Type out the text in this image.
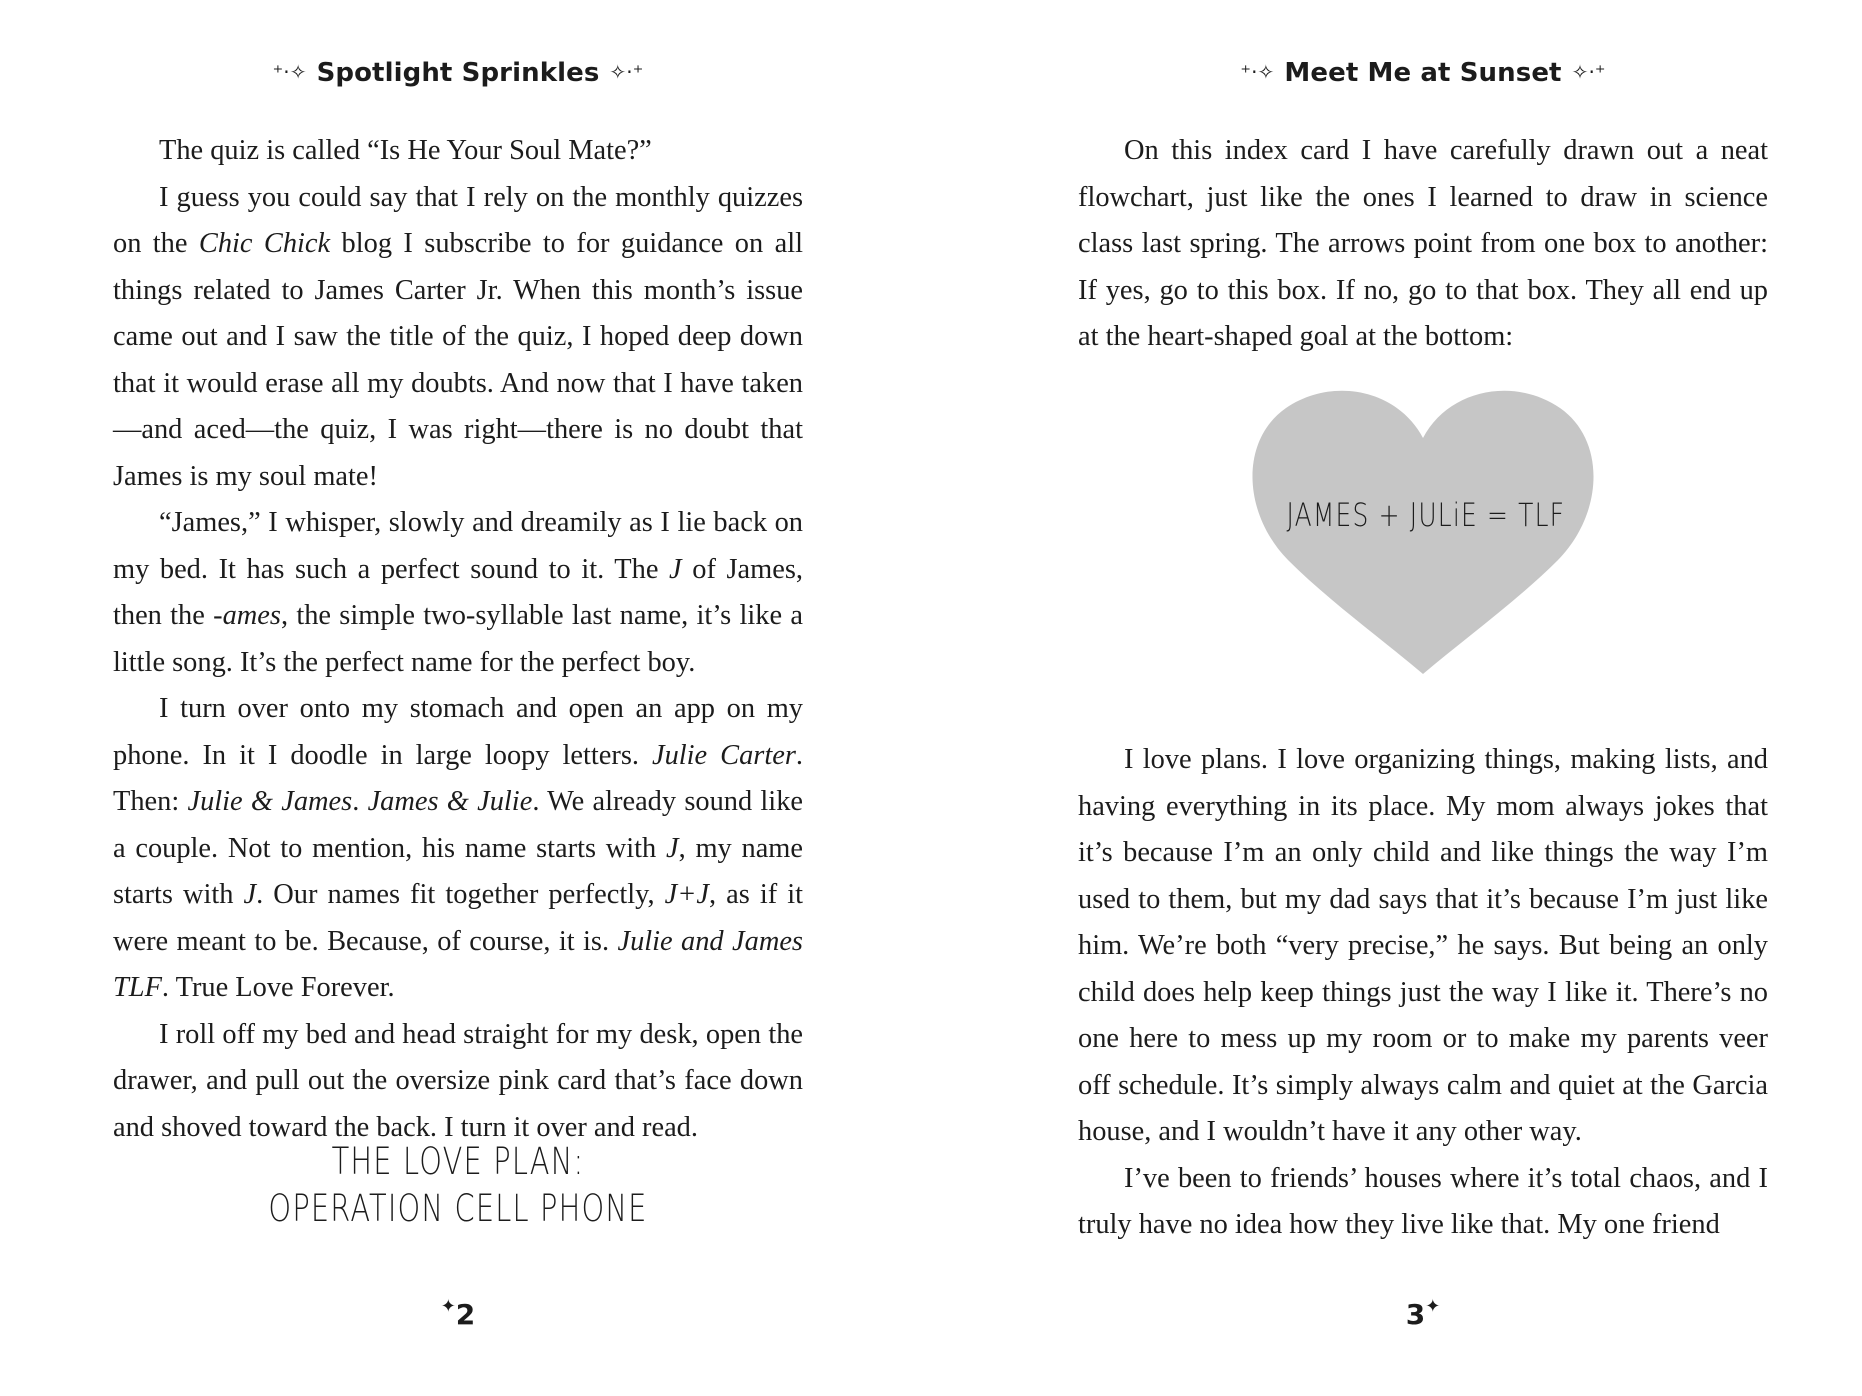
⁺·✧ Spotlight Sprinkles ✧·⁺

The quiz is called “Is He Your Soul Mate?”

I guess you could say that I rely on the monthly quizzes on the Chic Chick blog I subscribe to for guidance on all things related to James Carter Jr. When this month’s issue came out and I saw the title of the quiz, I hoped deep down that it would erase all my doubts. And now that I have taken—and aced—the quiz, I was right—there is no doubt that James is my soul mate!

“James,” I whisper, slowly and dreamily as I lie back on my bed. It has such a perfect sound to it. The J of James, then the -ames, the simple two-syllable last name, it’s like a little song. It’s the perfect name for the perfect boy.

I turn over onto my stomach and open an app on my phone. In it I doodle in large loopy letters. Julie Carter. Then: Julie & James. James & Julie. We already sound like a couple. Not to mention, his name starts with J, my name starts with J. Our names fit together perfectly, J+J, as if it were meant to be. Because, of course, it is. Julie and James TLF. True Love Forever.

I roll off my bed and head straight for my desk, open the drawer, and pull out the oversize pink card that’s face down and shoved toward the back. I turn it over and read.

THE LOVE PLAN:
OPERATION CELL PHONE
✦2
⁺·✧ Meet Me at Sunset ✧·⁺

On this index card I have carefully drawn out a neat flowchart, just like the ones I learned to draw in science class last spring. The arrows point from one box to another: If yes, go to this box. If no, go to that box. They all end up at the heart-shaped goal at the bottom:

JAMES + JULiE = TLF

I love plans. I love organizing things, making lists, and having everything in its place. My mom always jokes that it’s because I’m an only child and like things the way I’m used to them, but my dad says that it’s because I’m just like him. We’re both “very precise,” he says. But being an only child does help keep things just the way I like it. There’s no one here to mess up my room or to make my parents veer off schedule. It’s simply always calm and quiet at the Garcia house, and I wouldn’t have it any other way.

I’ve been to friends’ houses where it’s total chaos, and I truly have no idea how they live like that. My one friend

3✦
